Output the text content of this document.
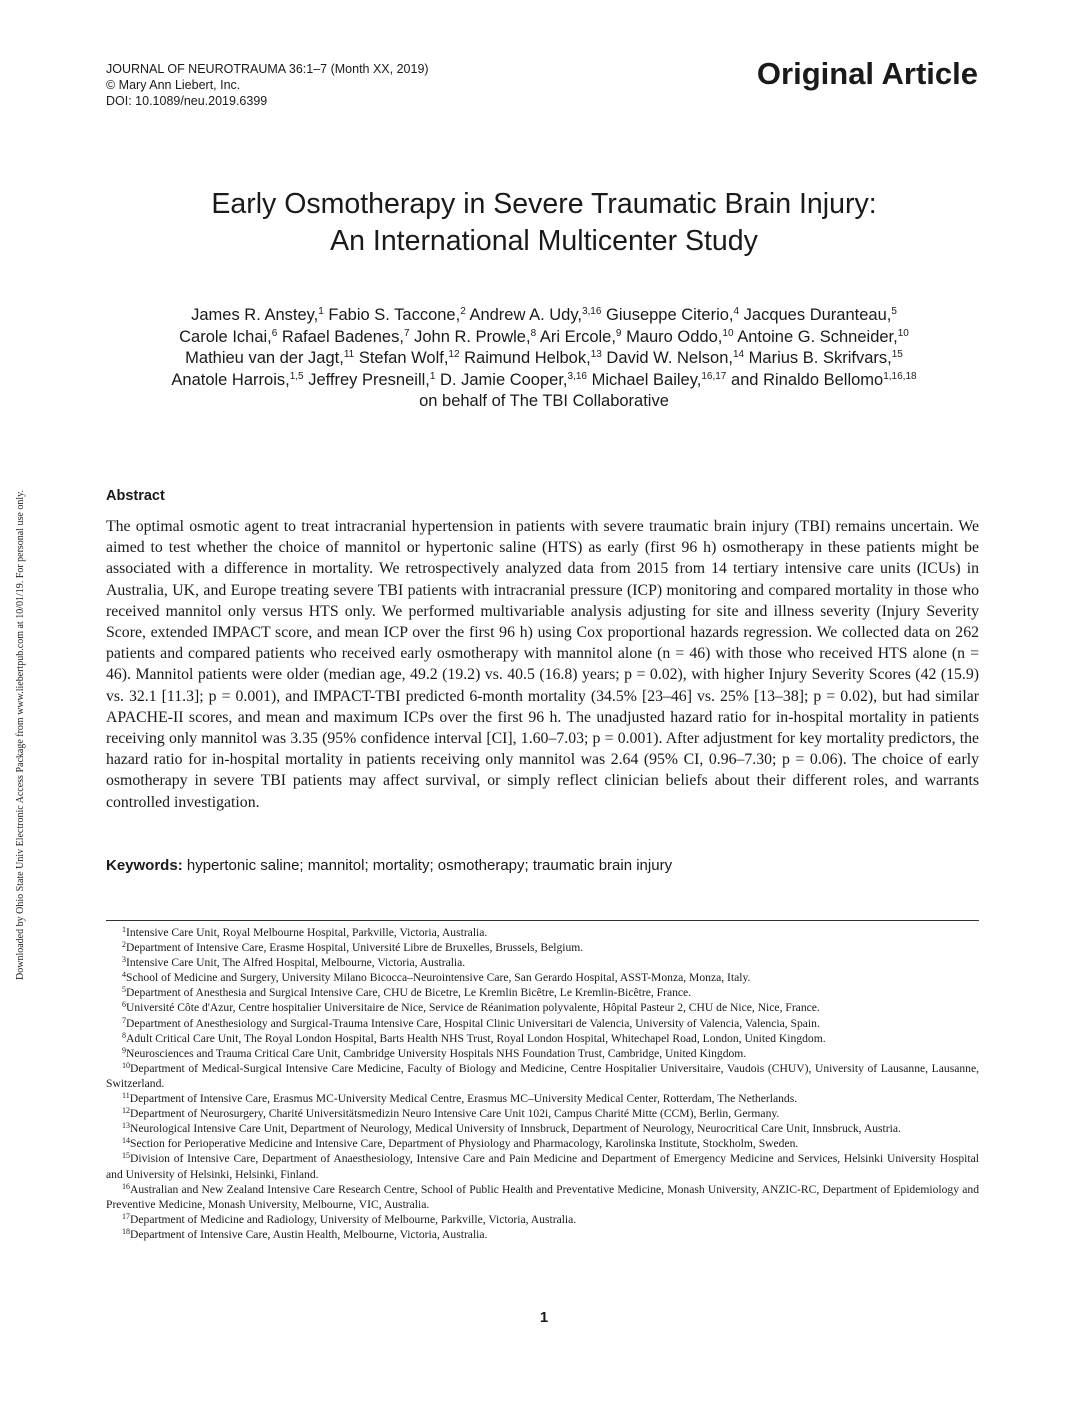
JOURNAL OF NEUROTRAUMA 36:1–7 (Month XX, 2019)
© Mary Ann Liebert, Inc.
DOI: 10.1089/neu.2019.6399
Original Article
Early Osmotherapy in Severe Traumatic Brain Injury:
An International Multicenter Study
James R. Anstey,$^1$ Fabio S. Taccone,$^2$ Andrew A. Udy,$^{3,16}$ Giuseppe Citerio,$^4$ Jacques Duranteau,$^5$
Carole Ichai,$^6$ Rafael Badenes,$^7$ John R. Prowle,$^8$ Ari Ercole,$^9$ Mauro Oddo,$^{10}$ Antoine G. Schneider,$^{10}$
Mathieu van der Jagt,$^{11}$ Stefan Wolf,$^{12}$ Raimund Helbok,$^{13}$ David W. Nelson,$^{14}$ Marius B. Skrifvars,$^{15}$
Anatole Harrois,$^{1,5}$ Jeffrey Presneill,$^1$ D. Jamie Cooper,$^{3,16}$ Michael Bailey,$^{16,17}$ and Rinaldo Bellomo$^{1,16,18}$
on behalf of The TBI Collaborative
Downloaded by Ohio State Univ Electronic Access Package from www.liebertpub.com at 10/01/19. For personal use only.	Abstract
The optimal osmotic agent to treat intracranial hypertension in patients with severe traumatic brain injury (TBI) remains uncertain. We aimed to test whether the choice of mannitol or hypertonic saline (HTS) as early (first 96 h) osmotherapy in these patients might be associated with a difference in mortality. We retrospectively analyzed data from 2015 from 14 tertiary intensive care units (ICUs) in Australia, UK, and Europe treating severe TBI patients with intracranial pressure (ICP) monitoring and compared mortality in those who received mannitol only versus HTS only. We performed multivariable analysis adjusting for site and illness severity (Injury Severity Score, extended IMPACT score, and mean ICP over the first 96 h) using Cox proportional hazards regression. We collected data on 262 patients and compared patients who received early osmotherapy with mannitol alone (n = 46) with those who received HTS alone (n = 46). Mannitol patients were older (median age, 49.2 (19.2) vs. 40.5 (16.8) years; p = 0.02), with higher Injury Severity Scores (42 (15.9) vs. 32.1 [11.3]; p = 0.001), and IMPACT-TBI predicted 6-month mortality (34.5% [23–46] vs. 25% [13–38]; p = 0.02), but had similar APACHE-II scores, and mean and maximum ICPs over the first 96 h. The unadjusted hazard ratio for in-hospital mortality in patients receiving only mannitol was 3.35 (95% confidence interval [CI], 1.60–7.03; p = 0.001). After adjustment for key mortality predictors, the hazard ratio for in-hospital mortality in patients receiving only mannitol was 2.64 (95% CI, 0.96–7.30; p = 0.06). The choice of early osmotherapy in severe TBI patients may affect survival, or simply reflect clinician beliefs about their different roles, and warrants controlled investigation.
Keywords: hypertonic saline; mannitol; mortality; osmotherapy; traumatic brain injury

$^1$Intensive Care Unit, Royal Melbourne Hospital, Parkville, Victoria, Australia.

$^2$Department of Intensive Care, Erasme Hospital, Université Libre de Bruxelles, Brussels, Belgium.

$^3$Intensive Care Unit, The Alfred Hospital, Melbourne, Victoria, Australia.

$^4$School of Medicine and Surgery, University Milano Bicocca–Neurointensive Care, San Gerardo Hospital, ASST-Monza, Monza, Italy.

$^5$Department of Anesthesia and Surgical Intensive Care, CHU de Bicetre, Le Kremlin Bicêtre, Le Kremlin-Bicêtre, France.

$^6$Université Côte d'Azur, Centre hospitalier Universitaire de Nice, Service de Réanimation polyvalente, Hôpital Pasteur 2, CHU de Nice, Nice, France.

$^7$Department of Anesthesiology and Surgical-Trauma Intensive Care, Hospital Clinic Universitari de Valencia, University of Valencia, Valencia, Spain.

$^8$Adult Critical Care Unit, The Royal London Hospital, Barts Health NHS Trust, Royal London Hospital, Whitechapel Road, London, United Kingdom.

$^9$Neurosciences and Trauma Critical Care Unit, Cambridge University Hospitals NHS Foundation Trust, Cambridge, United Kingdom.

$^{10}$Department of Medical-Surgical Intensive Care Medicine, Faculty of Biology and Medicine, Centre Hospitalier Universitaire, Vaudois (CHUV), University of Lausanne, Lausanne, Switzerland.

$^{11}$Department of Intensive Care, Erasmus MC-University Medical Centre, Erasmus MC–University Medical Center, Rotterdam, The Netherlands.

$^{12}$Department of Neurosurgery, Charité Universitätsmedizin Neuro Intensive Care Unit 102i, Campus Charité Mitte (CCM), Berlin, Germany.

$^{13}$Neurological Intensive Care Unit, Department of Neurology, Medical University of Innsbruck, Department of Neurology, Neurocritical Care Unit, Innsbruck, Austria.

$^{14}$Section for Perioperative Medicine and Intensive Care, Department of Physiology and Pharmacology, Karolinska Institute, Stockholm, Sweden.

$^{15}$Division of Intensive Care, Department of Anaesthesiology, Intensive Care and Pain Medicine and Department of Emergency Medicine and Services, Helsinki University Hospital and University of Helsinki, Helsinki, Finland.

$^{16}$Australian and New Zealand Intensive Care Research Centre, School of Public Health and Preventative Medicine, Monash University, ANZIC-RC, Department of Epidemiology and Preventive Medicine, Monash University, Melbourne, VIC, Australia.

$^{17}$Department of Medicine and Radiology, University of Melbourne, Parkville, Victoria, Australia.

$^{18}$Department of Intensive Care, Austin Health, Melbourne, Victoria, Australia.

1
